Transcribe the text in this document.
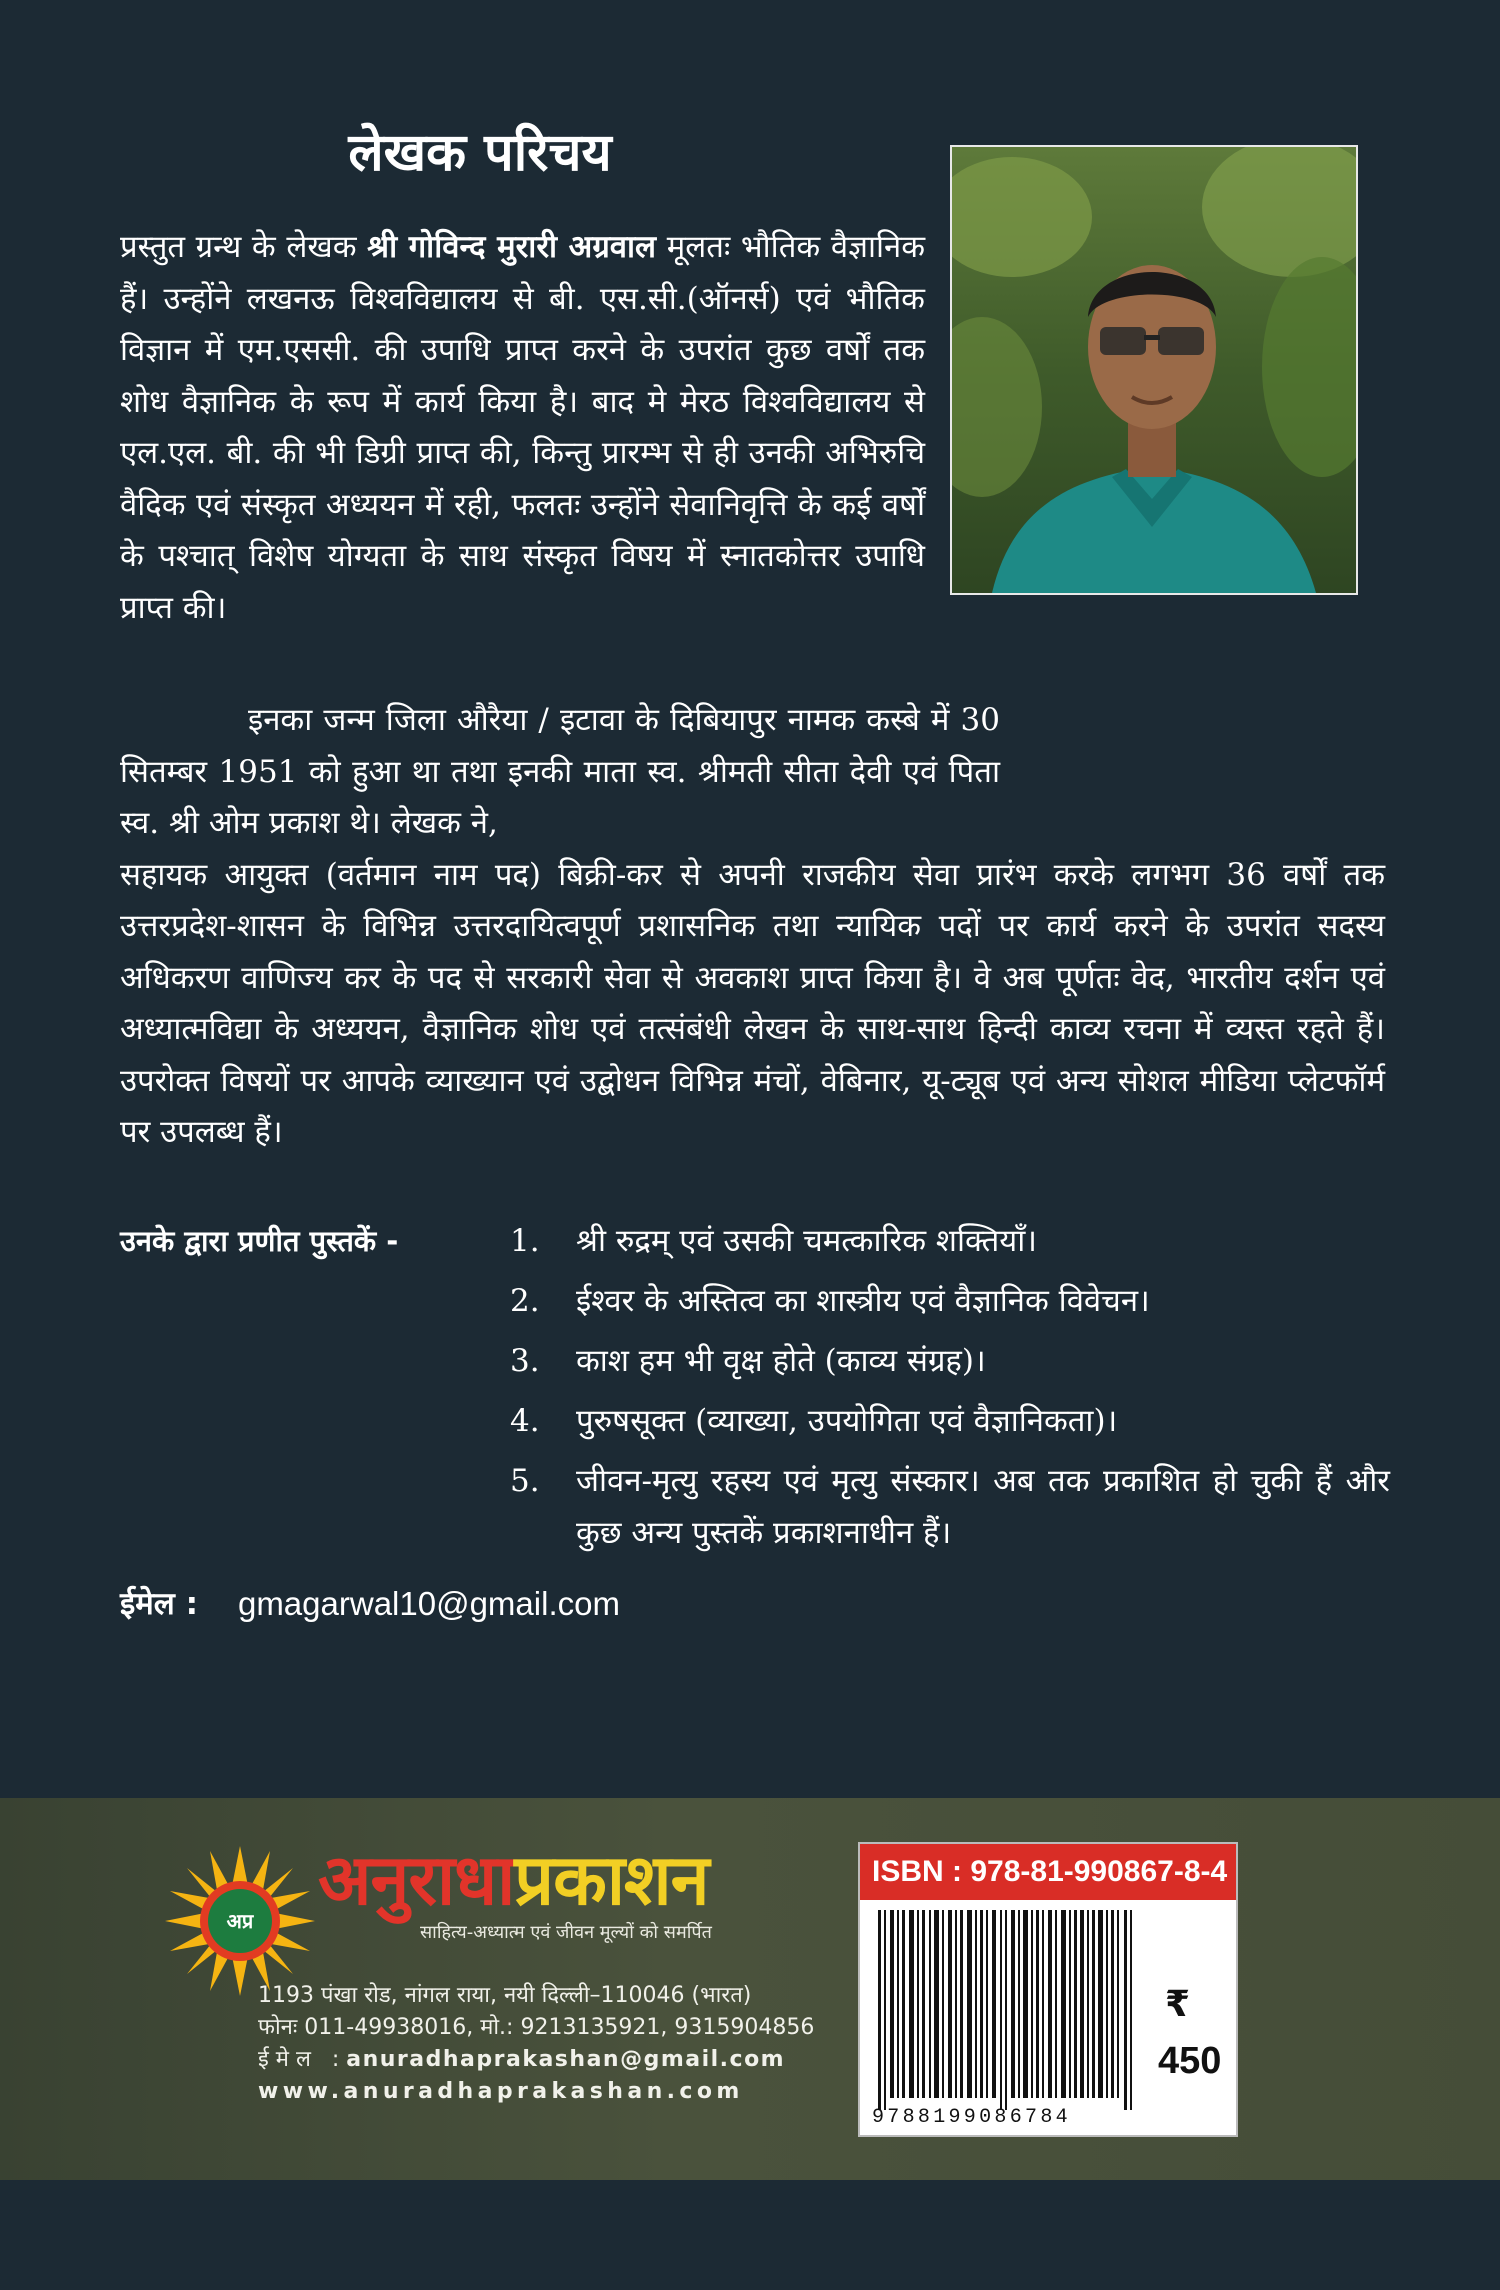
लेखक परिचय
प्रस्तुत ग्रन्थ के लेखक श्री गोविन्द मुरारी अग्रवाल मूलतः भौतिक वैज्ञानिक हैं। उन्होंने लखनऊ विश्वविद्यालय से बी. एस.सी.(ऑनर्स) एवं भौतिक विज्ञान में एम.एससी. की उपाधि प्राप्त करने के उपरांत कुछ वर्षों तक शोध वैज्ञानिक के रूप में कार्य किया है। बाद मे मेरठ विश्वविद्यालय से एल.एल. बी. की भी डिग्री प्राप्त की, किन्तु प्रारम्भ से ही उनकी अभिरुचि वैदिक एवं संस्कृत अध्ययन में रही, फलतः उन्होंने सेवानिवृत्ति के कई वर्षों के पश्चात् विशेष योग्यता के साथ संस्कृत विषय में स्नातकोत्तर उपाधि प्राप्त की।
इनका जन्म जिला औरैया / इटावा के दिबियापुर नामक कस्बे में 30 सितम्बर 1951 को हुआ था तथा इनकी माता स्व. श्रीमती सीता देवी एवं पिता स्व. श्री ओम प्रकाश थे। लेखक ने,
सहायक आयुक्त (वर्तमान नाम पद) बिक्री-कर से अपनी राजकीय सेवा प्रारंभ करके लगभग 36 वर्षों तक उत्तरप्रदेश-शासन के विभिन्न उत्तरदायित्वपूर्ण प्रशासनिक तथा न्यायिक पदों पर कार्य करने के उपरांत सदस्य अधिकरण वाणिज्य कर के पद से सरकारी सेवा से अवकाश प्राप्त किया है। वे अब पूर्णतः वेद, भारतीय दर्शन एवं अध्यात्मविद्या के अध्ययन, वैज्ञानिक शोध एवं तत्संबंधी लेखन के साथ-साथ हिन्दी काव्य रचना में व्यस्त रहते हैं। उपरोक्त विषयों पर आपके व्याख्यान एवं उद्बोधन विभिन्न मंचों, वेबिनार, यू-ट्यूब एवं अन्य सोशल मीडिया प्लेटफॉर्म पर उपलब्ध हैं।
उनके द्वारा प्रणीत पुस्तकें -	1.	श्री रुद्रम् एवं उसकी चमत्कारिक शक्तियाँ।
2.	ईश्वर के अस्तित्व का शास्त्रीय एवं वैज्ञानिक विवेचन।
3.	काश हम भी वृक्ष होते (काव्य संग्रह)।
4.	पुरुषसूक्त (व्याख्या, उपयोगिता एवं वैज्ञानिकता)।
5.	जीवन-मृत्यु रहस्य एवं मृत्यु संस्कार। अब तक प्रकाशित हो चुकी हैं और कुछ अन्य पुस्तकें प्रकाशनाधीन हैं।
ईमेल : gmagarwal10@gmail.com
अप्र अनुराधाप्रकाशन
साहित्य-अध्यात्म एवं जीवन मूल्यों को समर्पित
1193 पंखा रोड, नांगल राया, नयी दिल्ली–110046 (भारत)
फोनः 011-49938016, मो.: 9213135921, 9315904856
ई मे ल   : anuradhaprakashan@gmail.com
www.anuradhaprakashan.com
ISBN : 978-81-990867-8-4
9788199086784
₹
450
